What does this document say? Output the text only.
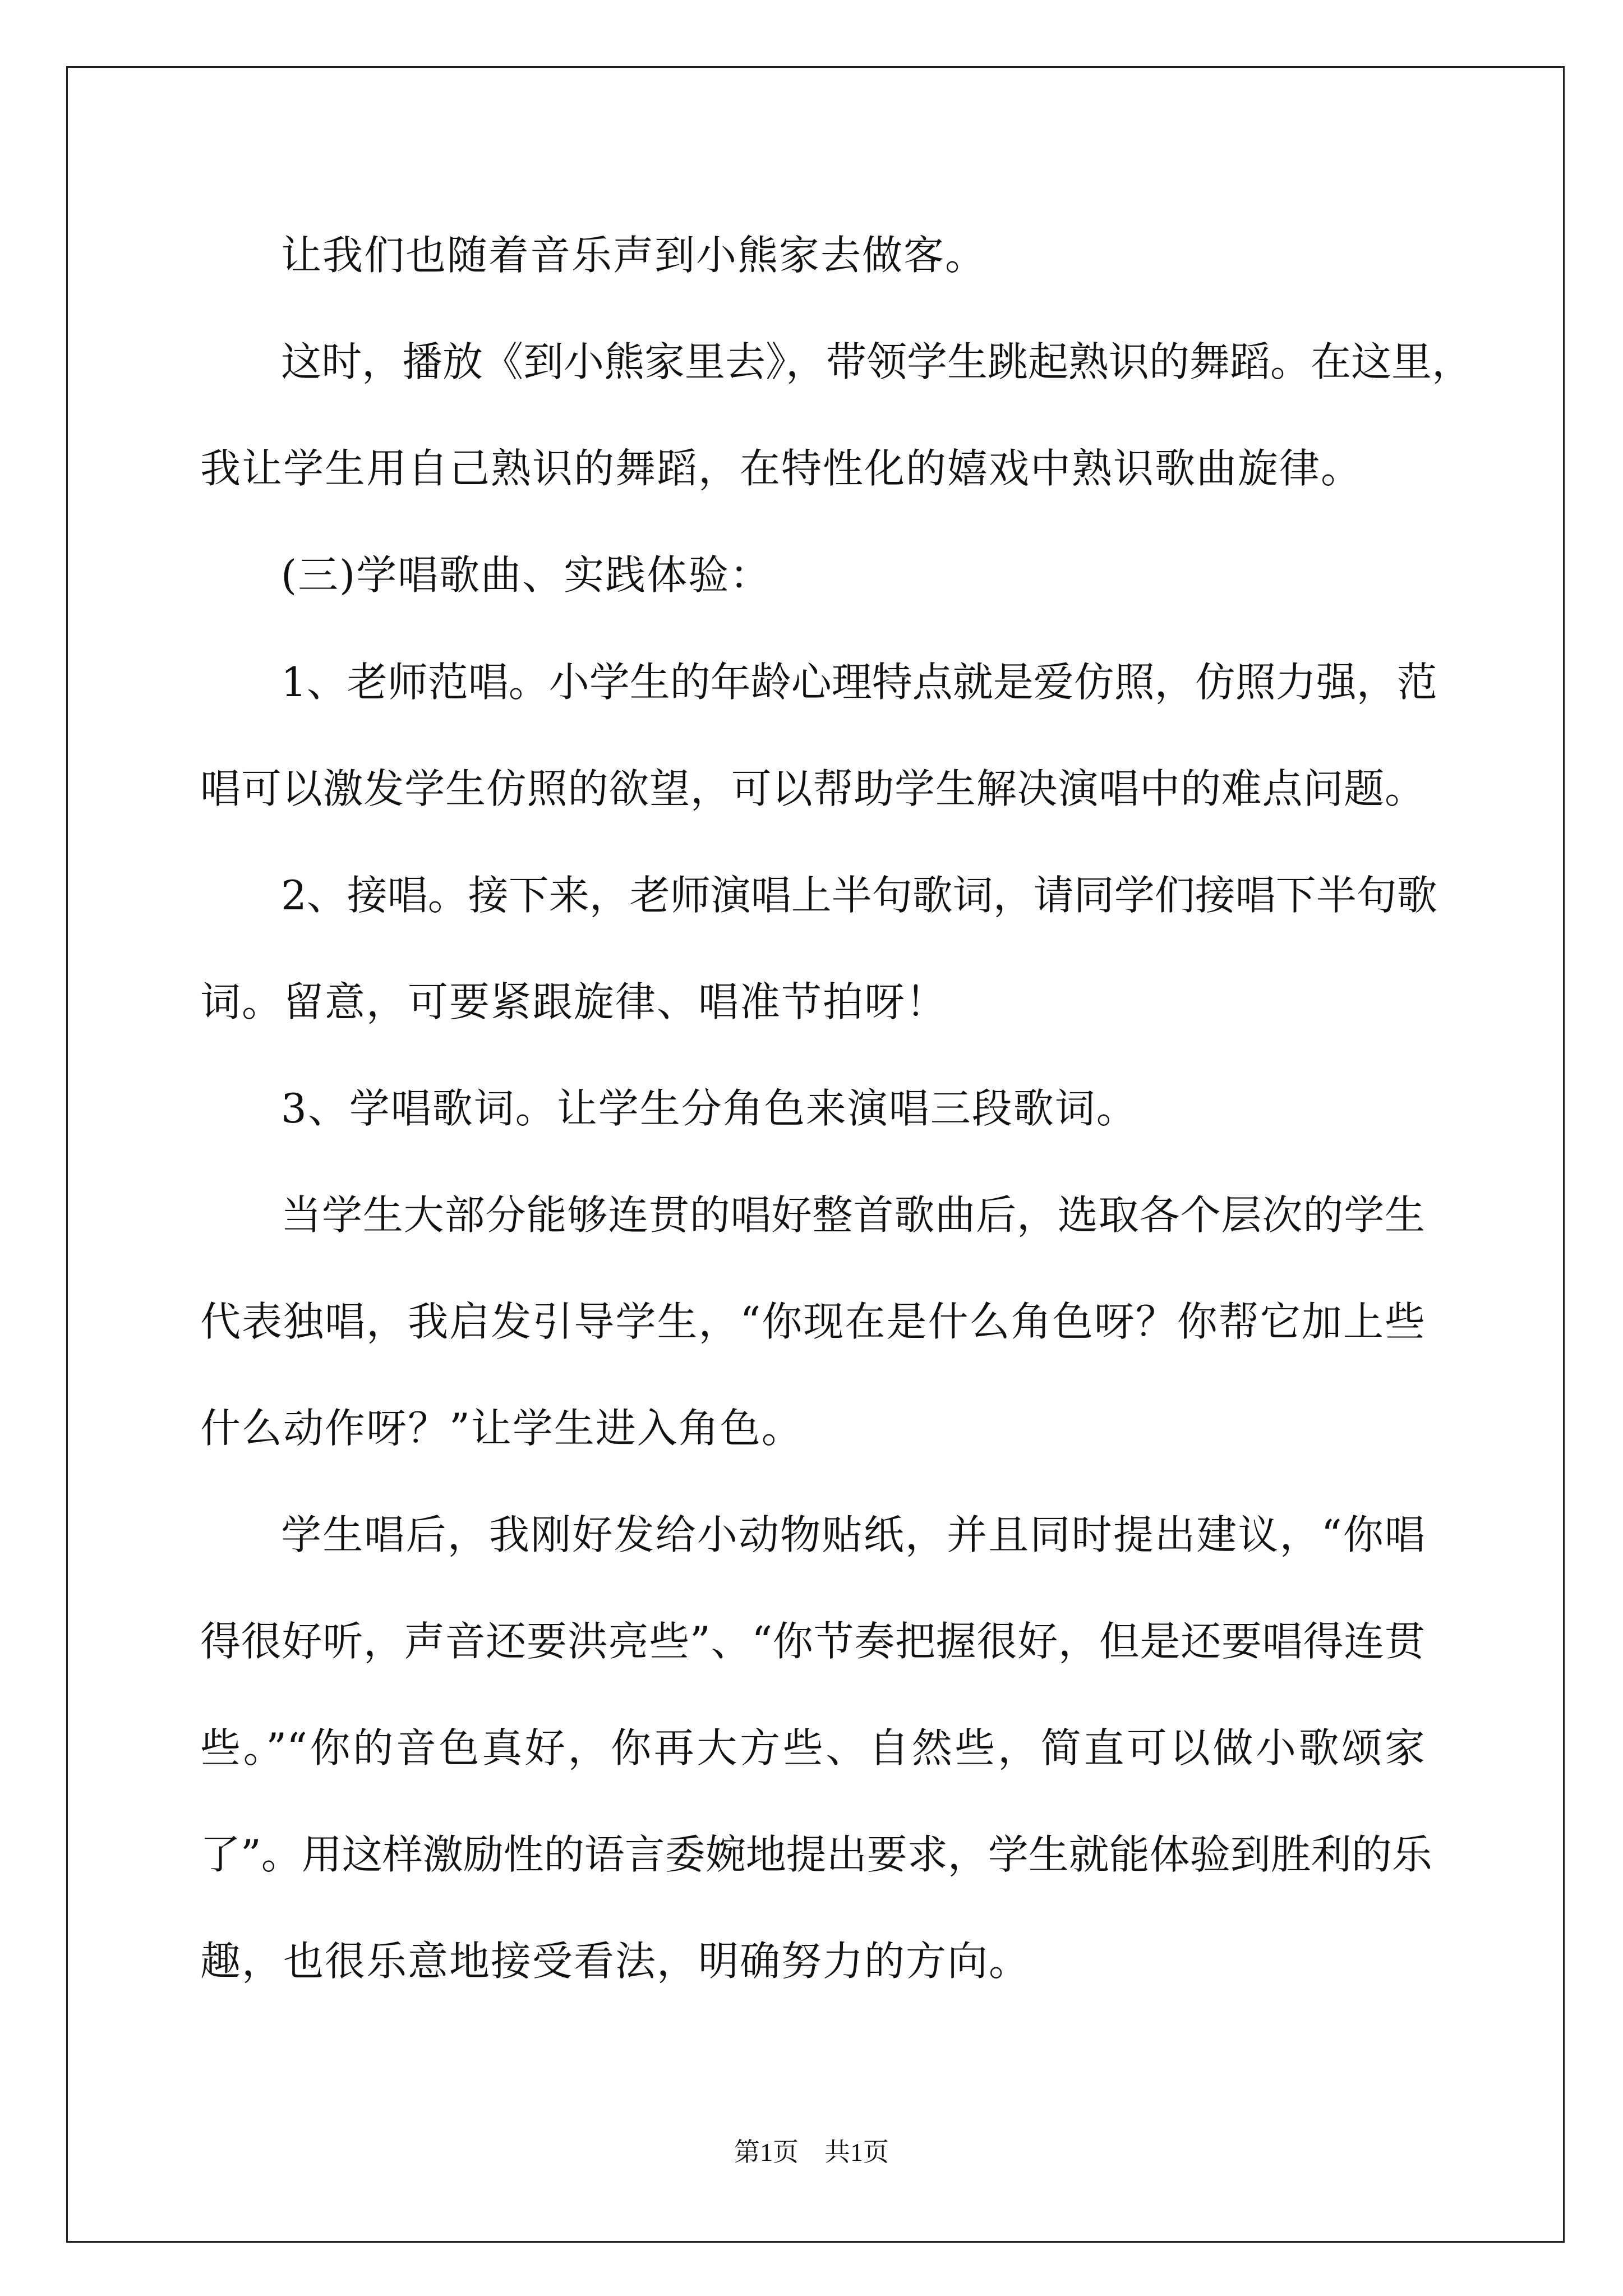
让我们也随着音乐声到小熊家去做客。
这时，播放《到小熊家里去》，带领学生跳起熟识的舞蹈。在这里，
我让学生用自己熟识的舞蹈，在特性化的嬉戏中熟识歌曲旋律。
(三)学唱歌曲、实践体验：
1、老师范唱。小学生的年龄心理特点就是爱仿照，仿照力强，范
唱可以激发学生仿照的欲望，可以帮助学生解决演唱中的难点问题。
2、接唱。接下来，老师演唱上半句歌词，请同学们接唱下半句歌
词。留意，可要紧跟旋律、唱准节拍呀！
3、学唱歌词。让学生分角色来演唱三段歌词。
当学生大部分能够连贯的唱好整首歌曲后，选取各个层次的学生
代表独唱，我启发引导学生，“你现在是什么角色呀？你帮它加上些
什么动作呀？”让学生进入角色。
学生唱后，我刚好发给小动物贴纸，并且同时提出建议，“你唱
得很好听，声音还要洪亮些”、“你节奏把握很好，但是还要唱得连贯
些。”“你的音色真好，你再大方些、自然些，简直可以做小歌颂家
了”。用这样激励性的语言委婉地提出要求，学生就能体验到胜利的乐
趣，也很乐意地接受看法，明确努力的方向。
第1页　共1页
